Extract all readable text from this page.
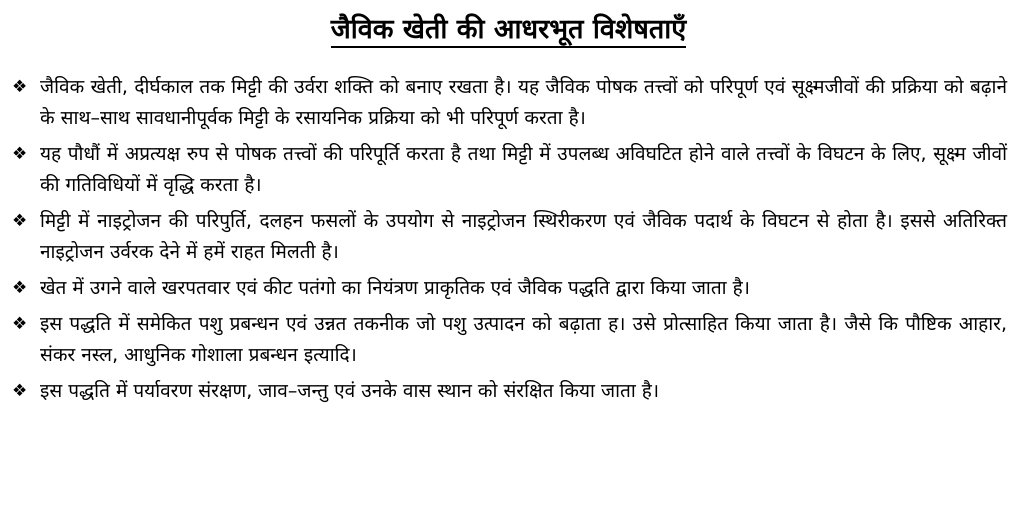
जैविक खेती की आधरभूत विशेषताएँ
❖ जैविक खेती, दीर्घकाल तक मिट्टी की उर्वरा शक्ति को बनाए रखता है। यह जैविक पोषक तत्त्वों को परिपूर्ण एवं सूक्ष्मजीवों की प्रक्रिया को बढ़ाने के साथ–साथ सावधानीपूर्वक मिट्टी के रसायनिक प्रक्रिया को भी परिपूर्ण करता है।
❖ यह पौधौं में अप्रत्यक्ष रुप से पोषक तत्त्वों की परिपूर्ति करता है तथा मिट्टी में उपलब्ध अविघटित होने वाले तत्त्वों के विघटन के लिए, सूक्ष्म जीवों की गतिविधियों में वृद्धि करता है।
❖ मिट्टी में नाइट्रोजन की परिपुर्ति, दलहन फसलों के उपयोग से नाइट्रोजन स्थिरीकरण एवं जैविक पदार्थ के विघटन से होता है। इससे अतिरिक्त नाइट्रोजन उर्वरक देने में हमें राहत मिलती है।
❖ खेत में उगने वाले खरपतवार एवं कीट पतंगो का नियंत्रण प्राकृतिक एवं जैविक पद्धति द्वारा किया जाता है।
❖ इस पद्धति में समेकित पशु प्रबन्धन एवं उन्नत तकनीक जो पशु उत्पादन को बढ़ाता ह। उसे प्रोत्साहित किया जाता है। जैसे कि पौष्टिक आहार, संकर नस्ल, आधुनिक गोशाला प्रबन्धन इत्यादि।
❖ इस पद्धति में पर्यावरण संरक्षण, जाव–जन्तु एवं उनके वास स्थान को संरक्षित किया जाता है।
